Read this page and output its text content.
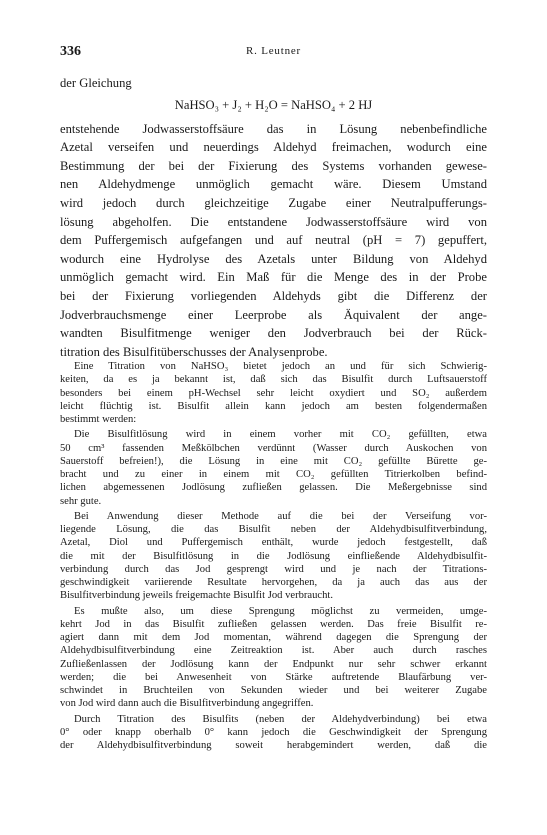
336	R. Leutner
der Gleichung
NaHSO₃ + J₂ + H₂O = NaHSO₄ + 2 HJ
entstehende Jodwasserstoffsäure das in Lösung nebenbefindliche
Azetal verseifen und neuerdings Aldehyd freimachen, wodurch eine
Bestimmung der bei der Fixierung des Systems vorhanden gewese-
nen Aldehydmenge unmöglich gemacht wäre. Diesem Umstand
wird jedoch durch gleichzeitige Zugabe einer Neutralpufferungs-
lösung abgeholfen. Die entstandene Jodwasserstoffsäure wird von
dem Puffergemisch aufgefangen und auf neutral (pH = 7) gepuffert,
wodurch eine Hydrolyse des Azetals unter Bildung von Aldehyd
unmöglich gemacht wird. Ein Maß für die Menge des in der Probe
bei der Fixierung vorliegenden Aldehyds gibt die Differenz der
Jodverbrauchsmenge einer Leerprobe als Äquivalent der ange-
wandten Bisulfitmenge weniger den Jodverbrauch bei der Rück-
titration des Bisulfitüberschusses der Analysenprobe.
Eine Titration von NaHSO₃ bietet jedoch an und für sich Schwierig-
keiten, da es ja bekannt ist, daß sich das Bisulfit durch Luftsauerstoff
besonders bei einem pH-Wechsel sehr leicht oxydiert und SO₂ außerdem
leicht flüchtig ist. Bisulfit allein kann jedoch am besten folgendermaßen
bestimmt werden:
Die Bisulfitlösung wird in einem vorher mit CO₂ gefüllten, etwa
50 cm³ fassenden Meßkölbchen verdünnt (Wasser durch Auskochen von
Sauerstoff befreien!), die Lösung in eine mit CO₂ gefüllte Bürette ge-
bracht und zu einer in einem mit CO₂ gefüllten Titrierkolben befind-
lichen abgemessenen Jodlösung zufließen gelassen. Die Meßergebnisse sind
sehr gute.
Bei Anwendung dieser Methode auf die bei der Verseifung vor-
liegende Lösung, die das Bisulfit neben der Aldehydbisulfitverbindung,
Azetal, Diol und Puffergemisch enthält, wurde jedoch festgestellt, daß
die mit der Bisulfitlösung in die Jodlösung einfließende Aldehydbisulfit-
verbindung durch das Jod gesprengt wird und je nach der Titrations-
geschwindigkeit variierende Resultate hervorgehen, da ja auch das aus der
Bisulfitverbindung jeweils freigemachte Bisulfit Jod verbraucht.
Es mußte also, um diese Sprengung möglichst zu vermeiden, umge-
kehrt Jod in das Bisulfit zufließen gelassen werden. Das freie Bisulfit re-
agiert dann mit dem Jod momentan, während dagegen die Sprengung der
Aldehydbisulfitverbindung eine Zeitreaktion ist. Aber auch durch rasches
Zufließenlassen der Jodlösung kann der Endpunkt nur sehr schwer erkannt
werden; die bei Anwesenheit von Stärke auftretende Blaufärbung ver-
schwindet in Bruchteilen von Sekunden wieder und bei weiterer Zugabe
von Jod wird dann auch die Bisulfitverbindung angegriffen.
Durch Titration des Bisulfits (neben der Aldehydverbindung) bei etwa
0° oder knapp oberhalb 0° kann jedoch die Geschwindigkeit der Sprengung
der Aldehydbisulfitverbindung soweit herabgemindert werden, daß die
